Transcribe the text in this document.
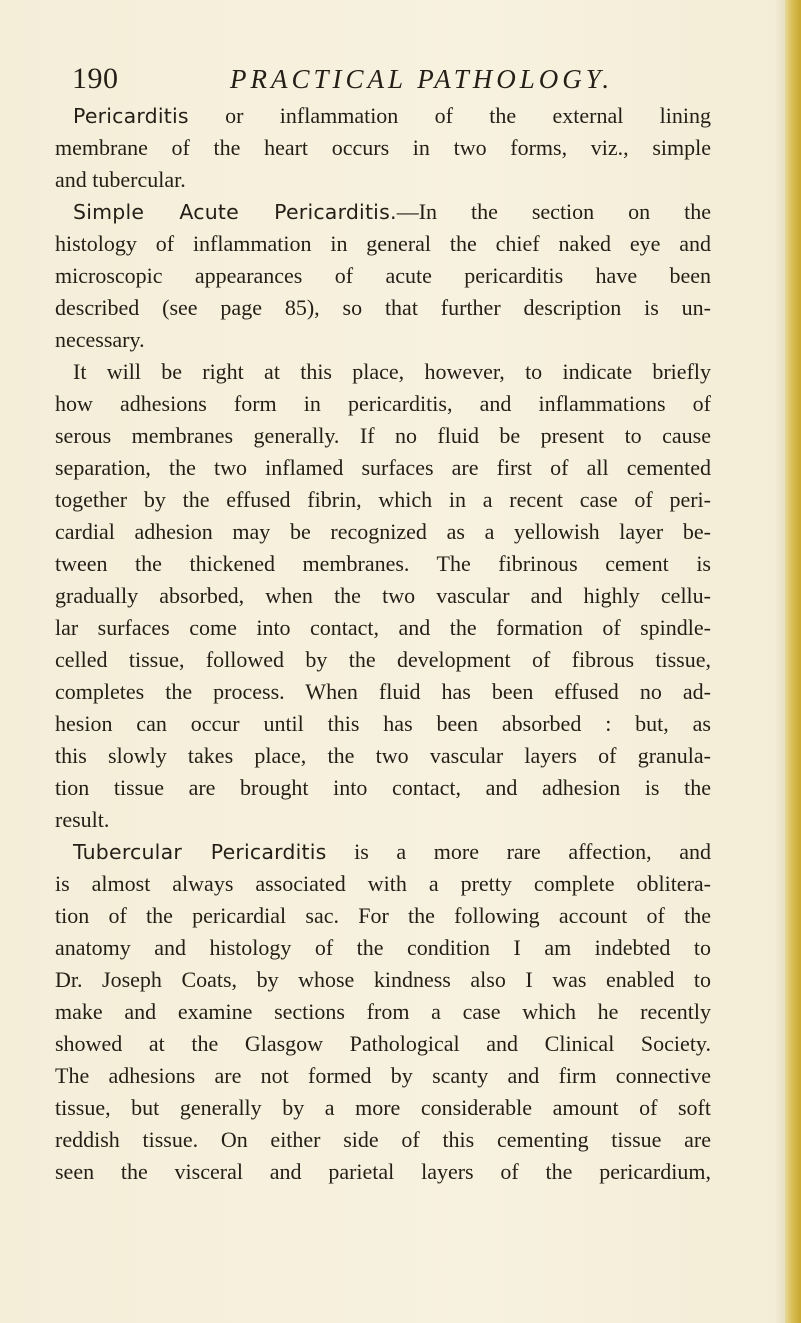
190	PRACTICAL PATHOLOGY.
Pericarditis or inflammation of the external lining
membrane of the heart occurs in two forms, viz., simple
and tubercular.
Simple Acute Pericarditis.—In the section on the
histology of inflammation in general the chief naked eye and
microscopic appearances of acute pericarditis have been
described (see page 85), so that further description is un-
necessary.
It will be right at this place, however, to indicate briefly
how adhesions form in pericarditis, and inflammations of
serous membranes generally. If no fluid be present to cause
separation, the two inflamed surfaces are first of all cemented
together by the effused fibrin, which in a recent case of peri-
cardial adhesion may be recognized as a yellowish layer be-
tween the thickened membranes. The fibrinous cement is
gradually absorbed, when the two vascular and highly cellu-
lar surfaces come into contact, and the formation of spindle-
celled tissue, followed by the development of fibrous tissue,
completes the process. When fluid has been effused no ad-
hesion can occur until this has been absorbed : but, as
this slowly takes place, the two vascular layers of granula-
tion tissue are brought into contact, and adhesion is the
result.
Tubercular Pericarditis is a more rare affection, and
is almost always associated with a pretty complete oblitera-
tion of the pericardial sac. For the following account of the
anatomy and histology of the condition I am indebted to
Dr. Joseph Coats, by whose kindness also I was enabled to
make and examine sections from a case which he recently
showed at the Glasgow Pathological and Clinical Society.
The adhesions are not formed by scanty and firm connective
tissue, but generally by a more considerable amount of soft
reddish tissue. On either side of this cementing tissue are
seen the visceral and parietal layers of the pericardium,
